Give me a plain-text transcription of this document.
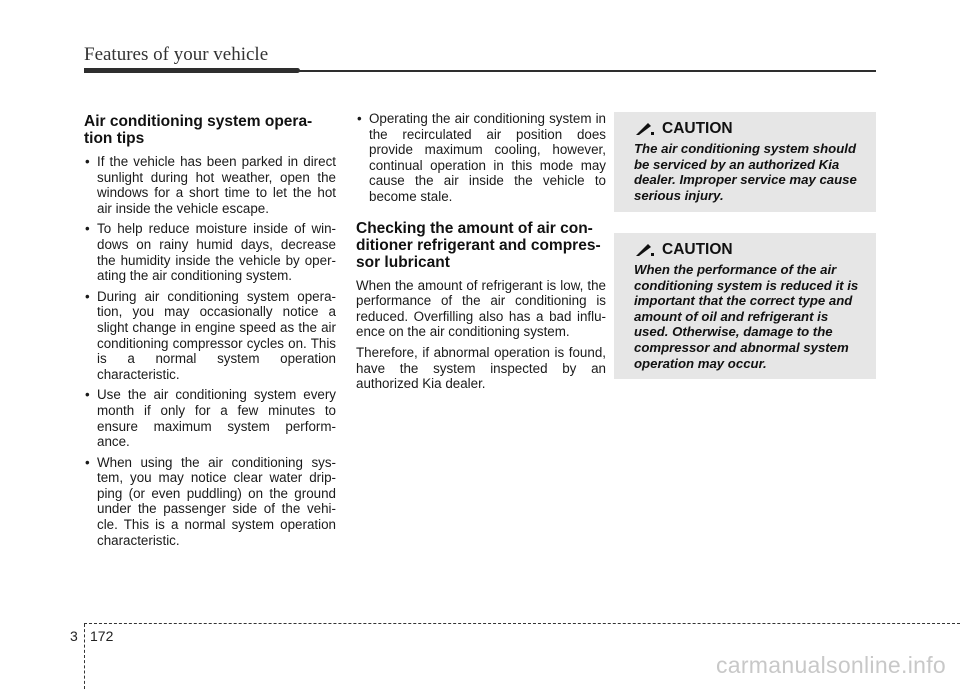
Features of your vehicle
Air conditioning system opera- tion tips
• If the vehicle has been parked in direct sunlight during hot weather, open the windows for a short time to let the hot air inside the vehicle escape.
• To help reduce moisture inside of win- dows on rainy humid days, decrease the humidity inside the vehicle by oper- ating the air conditioning system.
• During air conditioning system opera- tion, you may occasionally notice a slight change in engine speed as the air conditioning compressor cycles on. This is a normal system operation characteristic.
• Use the air conditioning system every month if only for a few minutes to ensure maximum system perform- ance.
• When using the air conditioning sys- tem, you may notice clear water drip- ping (or even puddling) on the ground under the passenger side of the vehi- cle. This is a normal system operation characteristic.
• Operating the air conditioning system in the recirculated air position does provide maximum cooling, however, continual operation in this mode may cause the air inside the vehicle to become stale.
Checking the amount of air con- ditioner refrigerant and compres- sor lubricant

When the amount of refrigerant is low, the performance of the air conditioning is reduced. Overfilling also has a bad influ- ence on the air conditioning system.

Therefore, if abnormal operation is found, have the system inspected by an authorized Kia dealer.

CAUTION
The air conditioning system should be serviced by an authorized Kia dealer. Improper service may cause serious injury.
CAUTION
When the performance of the air conditioning system is reduced it is important that the correct type and amount of oil and refrigerant is used. Otherwise, damage to the compressor and abnormal system operation may occur.
3 172
carmanualsonline.info
